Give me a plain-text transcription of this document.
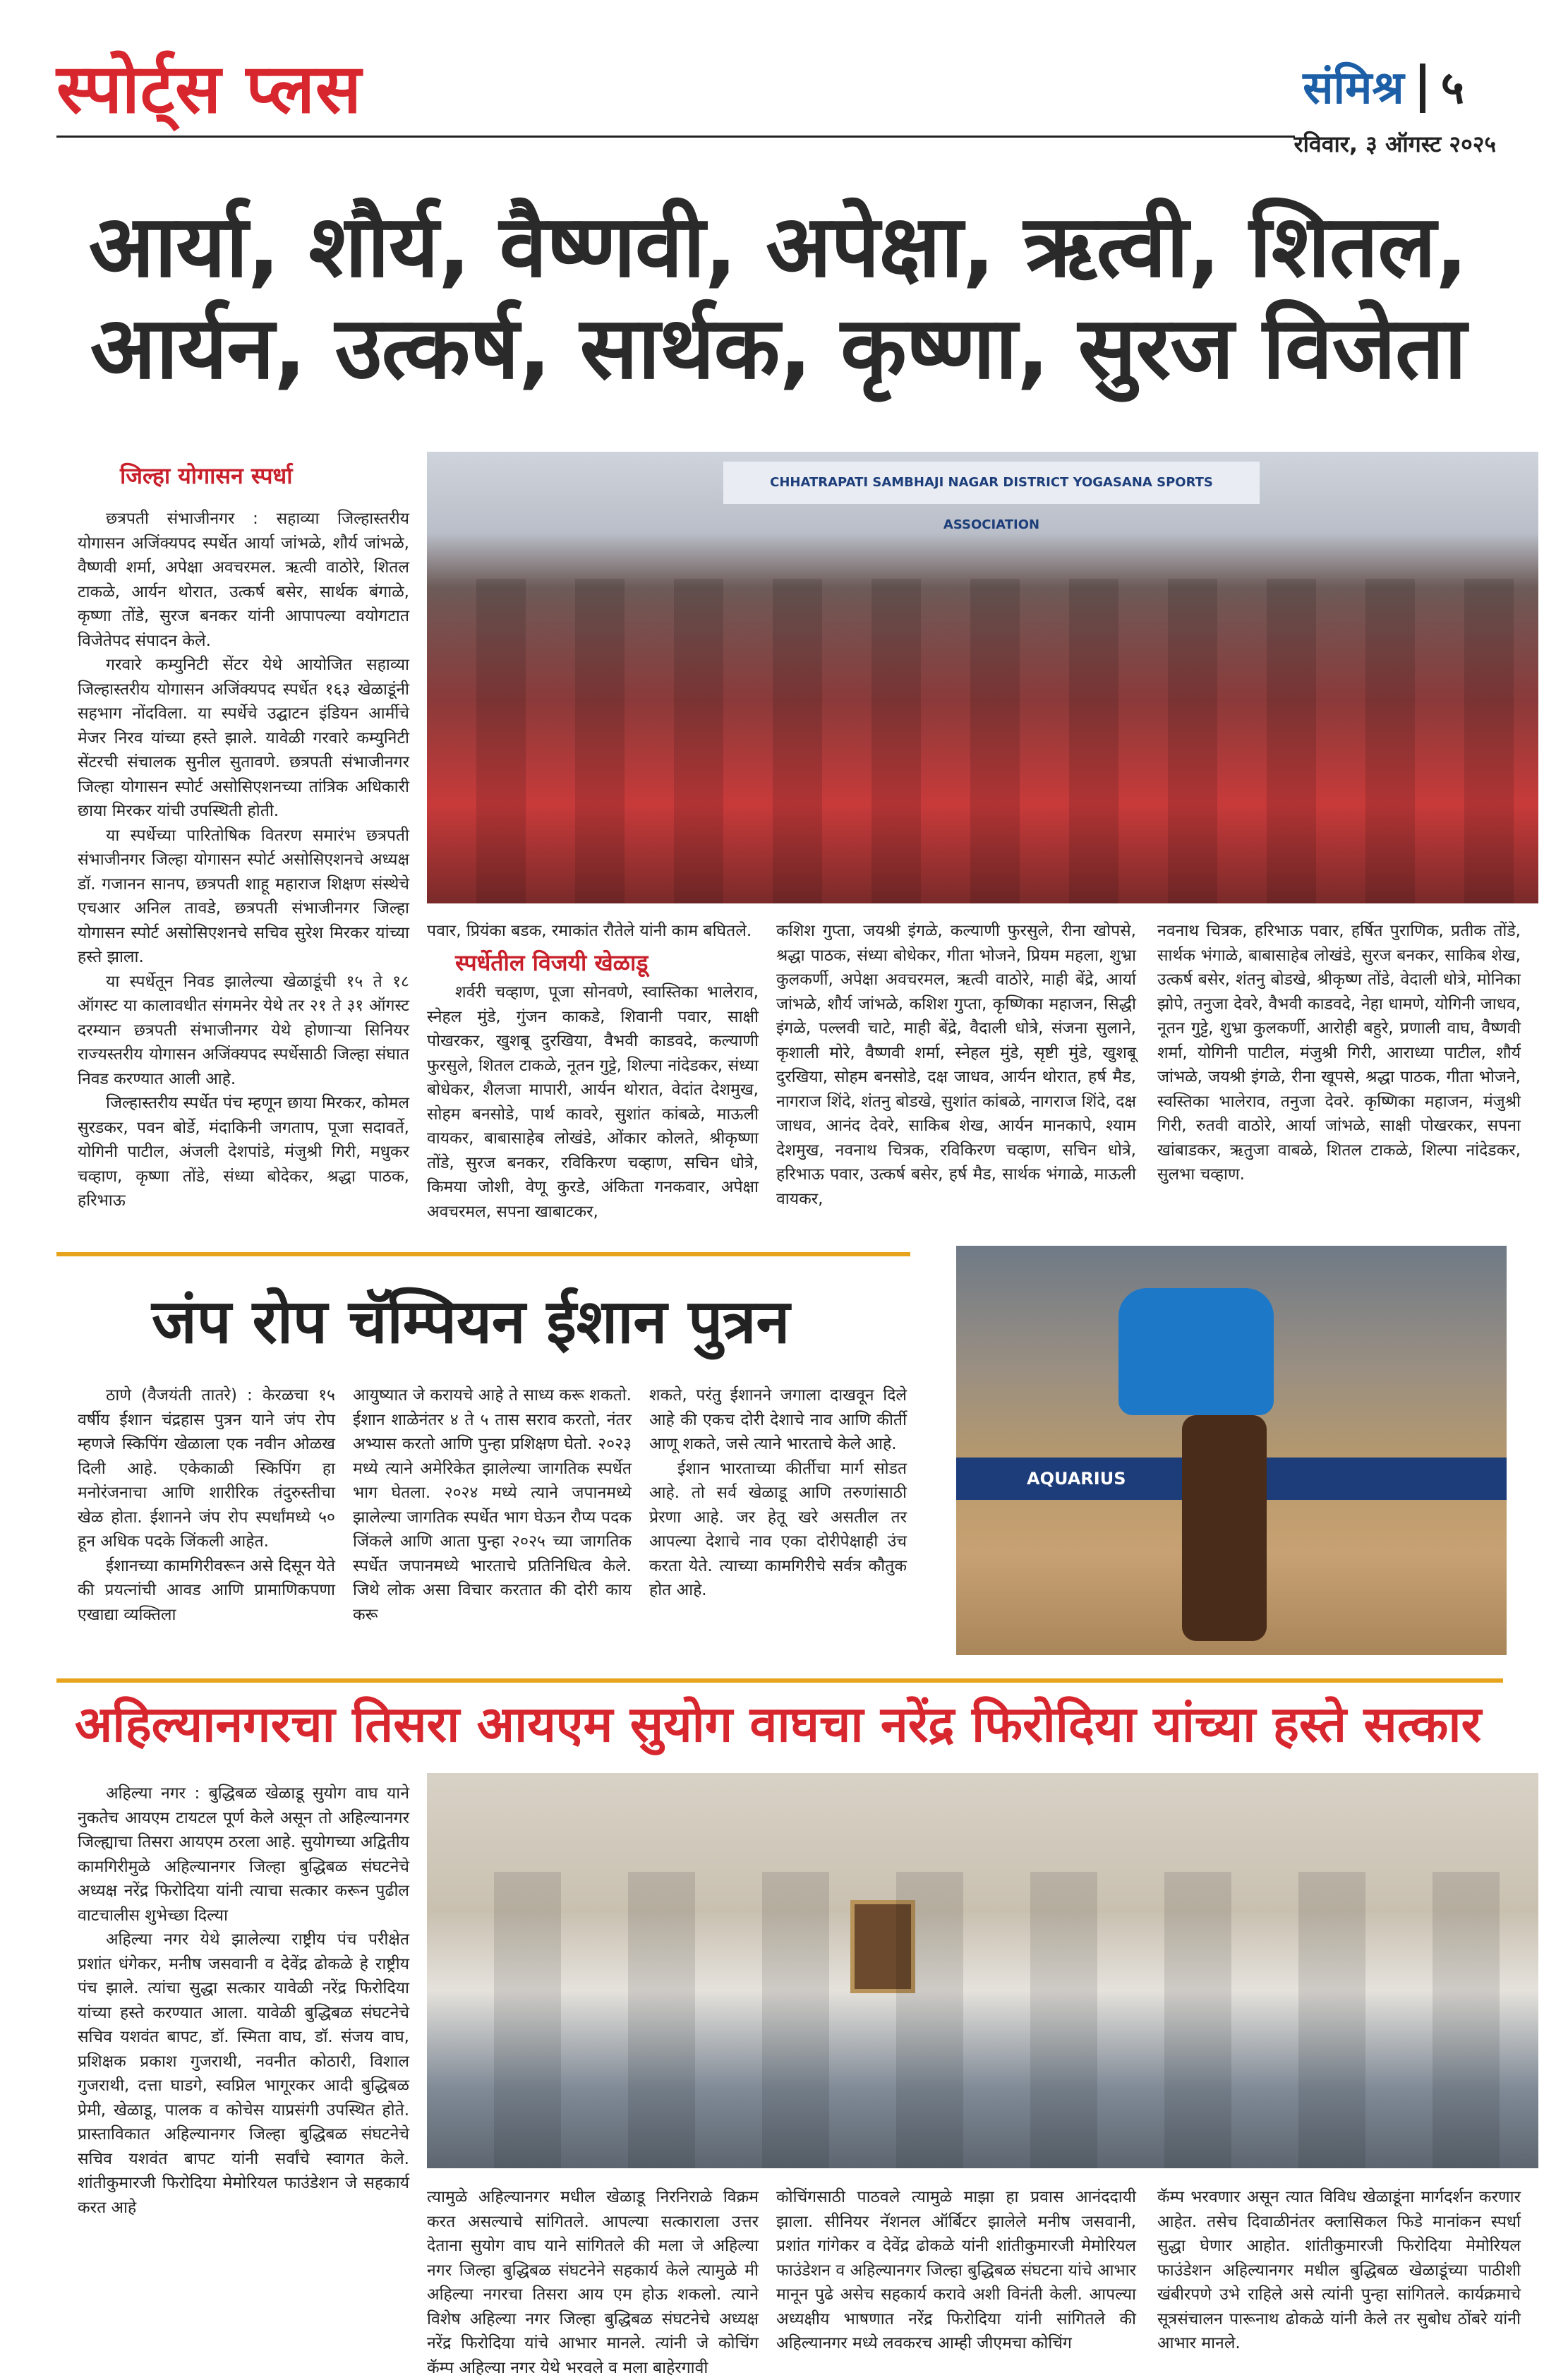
स्पोर्ट्स प्लस	संमिश्र ५
रविवार, ३ ऑगस्ट २०२५
आर्या, शौर्य, वैष्णवी, अपेक्षा, ऋत्वी, शितल,
आर्यन, उत्कर्ष, सार्थक, कृष्णा, सुरज विजेता
जिल्हा योगासन स्पर्धा

छत्रपती संभाजीनगर : सहाव्या जिल्हास्तरीय योगासन अजिंक्यपद स्पर्धेत आर्या जांभळे, शौर्य जांभळे, वैष्णवी शर्मा, अपेक्षा अवचरमल. ऋत्वी वाठोरे, शितल टाकळे, आर्यन थोरात, उत्कर्ष बसेर, सार्थक बंगाळे, कृष्णा तोंडे, सुरज बनकर यांनी आपापल्या वयोगटात विजेतेपद संपादन केले.

गरवारे कम्युनिटी सेंटर येथे आयोजित सहाव्या जिल्हास्तरीय योगासन अजिंक्यपद स्पर्धेत १६३ खेळाडूंनी सहभाग नोंदविला. या स्पर्धेचे उद्घाटन इंडियन आर्मीचे मेजर निरव यांच्या हस्ते झाले. यावेळी गरवारे कम्युनिटी सेंटरची संचालक सुनील सुतावणे. छत्रपती संभाजीनगर जिल्हा योगासन स्पोर्ट असोसिएशनच्या तांत्रिक अधिकारी छाया मिरकर यांची उपस्थिती होती.

या स्पर्धेच्या पारितोषिक वितरण समारंभ छत्रपती संभाजीनगर जिल्हा योगासन स्पोर्ट असोसिएशनचे अध्यक्ष डॉ. गजानन सानप, छत्रपती शाहू महाराज शिक्षण संस्थेचे एचआर अनिल तावडे, छत्रपती संभाजीनगर जिल्हा योगासन स्पोर्ट असोसिएशनचे सचिव सुरेश मिरकर यांच्या हस्ते झाला.

या स्पर्धेतून निवड झालेल्या खेळाडूंची १५ ते १८ ऑगस्ट या कालावधीत संगमनेर येथे तर २१ ते ३१ ऑगस्ट दरम्यान छत्रपती संभाजीनगर येथे होणाऱ्या सिनियर राज्यस्तरीय योगासन अजिंक्यपद स्पर्धेसाठी जिल्हा संघात निवड करण्यात आली आहे.

जिल्हास्तरीय स्पर्धेत पंच म्हणून छाया मिरकर, कोमल सुरडकर, पवन बोर्डे, मंदाकिनी जगताप, पूजा सदावर्ते, योगिनी पाटील, अंजली देशपांडे, मंजुश्री गिरी, मधुकर चव्हाण, कृष्णा तोंडे, संध्या बोदेकर, श्रद्धा पाठक, हरिभाऊ

CHHATRAPATI SAMBHAJI NAGAR DISTRICT YOGASANA SPORTS ASSOCIATION

पवार, प्रियंका बडक, रमाकांत रौतेले यांनी काम बघितले.

स्पर्धेतील विजयी खेळाडू

शर्वरी चव्हाण, पूजा सोनवणे, स्वास्तिका भालेराव, स्नेहल मुंडे, गुंजन काकडे, शिवानी पवार, साक्षी पोखरकर, खुशबू दुरखिया, वैभवी काडवदे, कल्याणी फुरसुले, शितल टाकळे, नूतन गुट्टे, शिल्पा नांदेडकर, संध्या बोधेकर, शैलजा मापारी, आर्यन थोरात, वेदांत देशमुख, सोहम बनसोडे, पार्थ कावरे, सुशांत कांबळे, माऊली वायकर, बाबासाहेब लोखंडे, ओंकार कोलते, श्रीकृष्णा तोंडे, सुरज बनकर, रविकिरण चव्हाण, सचिन धोत्रे, किमया जोशी, वेणू कुरडे, अंकिता गनकवार, अपेक्षा अवचरमल, सपना खाबाटकर,

कशिश गुप्ता, जयश्री इंगळे, कल्याणी फुरसुले, रीना खोपसे, श्रद्धा पाठक, संध्या बोधेकर, गीता भोजने, प्रियम महला, शुभ्रा कुलकर्णी, अपेक्षा अवचरमल, ऋत्वी वाठोरे, माही बेंद्रे, आर्या जांभळे, शौर्य जांभळे, कशिश गुप्ता, कृष्णिका महाजन, सिद्धी इंगळे, पल्लवी चाटे, माही बेंद्रे, वैदाली धोत्रे, संजना सुलाने, कृशाली मोरे, वैष्णवी शर्मा, स्नेहल मुंडे, सृष्टी मुंडे, खुशबू दुरखिया, सोहम बनसोडे, दक्ष जाधव, आर्यन थोरात, हर्ष मैड, नागराज शिंदे, शंतनु बोडखे, सुशांत कांबळे, नागराज शिंदे, दक्ष जाधव, आनंद देवरे, साकिब शेख, आर्यन मानकापे, श्याम देशमुख, नवनाथ चित्रक, रविकिरण चव्हाण, सचिन धोत्रे, हरिभाऊ पवार, उत्कर्ष बसेर, हर्ष मैड, सार्थक भंगाळे, माऊली वायकर,

नवनाथ चित्रक, हरिभाऊ पवार, हर्षित पुराणिक, प्रतीक तोंडे, सार्थक भंगाळे, बाबासाहेब लोखंडे, सुरज बनकर, साकिब शेख, उत्कर्ष बसेर, शंतनु बोडखे, श्रीकृष्ण तोंडे, वेदाली धोत्रे, मोनिका झोपे, तनुजा देवरे, वैभवी काडवदे, नेहा धामणे, योगिनी जाधव, नूतन गुट्टे, शुभ्रा कुलकर्णी, आरोही बहुरे, प्रणाली वाघ, वैष्णवी शर्मा, योगिनी पाटील, मंजुश्री गिरी, आराध्या पाटील, शौर्य जांभळे, जयश्री इंगळे, रीना खूपसे, श्रद्धा पाठक, गीता भोजने, स्वस्तिका भालेराव, तनुजा देवरे. कृष्णिका महाजन, मंजुश्री गिरी, रुतवी वाठोरे, आर्या जांभळे, साक्षी पोखरकर, सपना खांबाडकर, ऋतुजा वाबळे, शितल टाकळे, शिल्पा नांदेडकर, सुलभा चव्हाण.

जंप रोप चॅम्पियन ईशान पुत्रन

ठाणे (वैजयंती तातरे) : केरळचा १५ वर्षीय ईशान चंद्रहास पुत्रन याने जंप रोप म्हणजे स्किपिंग खेळाला एक नवीन ओळख दिली आहे. एकेकाळी स्किपिंग हा मनोरंजनाचा आणि शारीरिक तंदुरुस्तीचा खेळ होता. ईशानने जंप रोप स्पर्धांमध्ये ५० हून अधिक पदके जिंकली आहेत.

ईशानच्या कामगिरीवरून असे दिसून येते की प्रयत्नांची आवड आणि प्रामाणिकपणा एखाद्या व्यक्तिला

आयुष्यात जे करायचे आहे ते साध्य करू शकतो. ईशान शाळेनंतर ४ ते ५ तास सराव करतो, नंतर अभ्यास करतो आणि पुन्हा प्रशिक्षण घेतो. २०२३ मध्ये त्याने अमेरिकेत झालेल्या जागतिक स्पर्धेत भाग घेतला. २०२४ मध्ये त्याने जपानमध्ये झालेल्या जागतिक स्पर्धेत भाग घेऊन रौप्य पदक जिंकले आणि आता पुन्हा २०२५ च्या जागतिक स्पर्धेत जपानमध्ये भारताचे प्रतिनिधित्व केले. जिथे लोक असा विचार करतात की दोरी काय करू

शकते, परंतु ईशानने जगाला दाखवून दिले आहे की एकच दोरी देशाचे नाव आणि कीर्ती आणू शकते, जसे त्याने भारताचे केले आहे.

ईशान भारताच्या कीर्तीचा मार्ग सोडत आहे. तो सर्व खेळाडू आणि तरुणांसाठी प्रेरणा आहे. जर हेतू खरे असतील तर आपल्या देशाचे नाव एका दोरीपेक्षाही उंच करता येते. त्याच्या कामगिरीचे सर्वत्र कौतुक होत आहे.

AQUARIUS
अहिल्यानगरचा तिसरा आयएम सुयोग वाघचा नरेंद्र फिरोदिया यांच्या हस्ते सत्कार

अहिल्या नगर : बुद्धिबळ खेळाडू सुयोग वाघ याने नुकतेच आयएम टायटल पूर्ण केले असून तो अहिल्यानगर जिल्ह्याचा तिसरा आयएम ठरला आहे. सुयोगच्या अद्वितीय कामगिरीमुळे अहिल्यानगर जिल्हा बुद्धिबळ संघटनेचे अध्यक्ष नरेंद्र फिरोदिया यांनी त्याचा सत्कार करून पुढील वाटचालीस शुभेच्छा दिल्या

अहिल्या नगर येथे झालेल्या राष्ट्रीय पंच परीक्षेत प्रशांत धंगेकर, मनीष जसवानी व देवेंद्र ढोकळे हे राष्ट्रीय पंच झाले. त्यांचा सुद्धा सत्कार यावेळी नरेंद्र फिरोदिया यांच्या हस्ते करण्यात आला. यावेळी बुद्धिबळ संघटनेचे सचिव यशवंत बापट, डॉ. स्मिता वाघ, डॉ. संजय वाघ, प्रशिक्षक प्रकाश गुजराथी, नवनीत कोठारी, विशाल गुजराथी, दत्ता घाडगे, स्वप्निल भागूरकर आदी बुद्धिबळ प्रेमी, खेळाडू, पालक व कोचेस याप्रसंगी उपस्थित होते. प्रास्ताविकात अहिल्यानगर जिल्हा बुद्धिबळ संघटनेचे सचिव यशवंत बापट यांनी सर्वांचे स्वागत केले. शांतीकुमारजी फिरोदिया मेमोरियल फाउंडेशन जे सहकार्य करत आहे

त्यामुळे अहिल्यानगर मधील खेळाडू निरनिराळे विक्रम करत असल्याचे सांगितले. आपल्या सत्काराला उत्तर देताना सुयोग वाघ याने सांगितले की मला जे अहिल्या नगर जिल्हा बुद्धिबळ संघटनेने सहकार्य केले त्यामुळे मी अहिल्या नगरचा तिसरा आय एम होऊ शकलो. त्याने विशेष अहिल्या नगर जिल्हा बुद्धिबळ संघटनेचे अध्यक्ष नरेंद्र फिरोदिया यांचे आभार मानले. त्यांनी जे कोचिंग कॅम्प अहिल्या नगर येथे भरवले व मला बाहेरगावी

कोचिंगसाठी पाठवले त्यामुळे माझा हा प्रवास आनंददायी झाला. सीनियर नॅशनल ऑर्बिटर झालेले मनीष जसवानी, प्रशांत गांगेकर व देवेंद्र ढोकळे यांनी शांतीकुमारजी मेमोरियल फाउंडेशन व अहिल्यानगर जिल्हा बुद्धिबळ संघटना यांचे आभार मानून पुढे असेच सहकार्य करावे अशी विनंती केली. आपल्या अध्यक्षीय भाषणात नरेंद्र फिरोदिया यांनी सांगितले की अहिल्यानगर मध्ये लवकरच आम्ही जीएमचा कोचिंग

कॅम्प भरवणार असून त्यात विविध खेळाडूंना मार्गदर्शन करणार आहेत. तसेच दिवाळीनंतर क्लासिकल फिडे मानांकन स्पर्धा सुद्धा घेणार आहोत. शांतीकुमारजी फिरोदिया मेमोरियल फाउंडेशन अहिल्यानगर मधील बुद्धिबळ खेळाडूंच्या पाठीशी खंबीरपणे उभे राहिले असे त्यांनी पुन्हा सांगितले. कार्यक्रमाचे सूत्रसंचालन पारूनाथ ढोकळे यांनी केले तर सुबोध ठोंबरे यांनी आभार मानले.
